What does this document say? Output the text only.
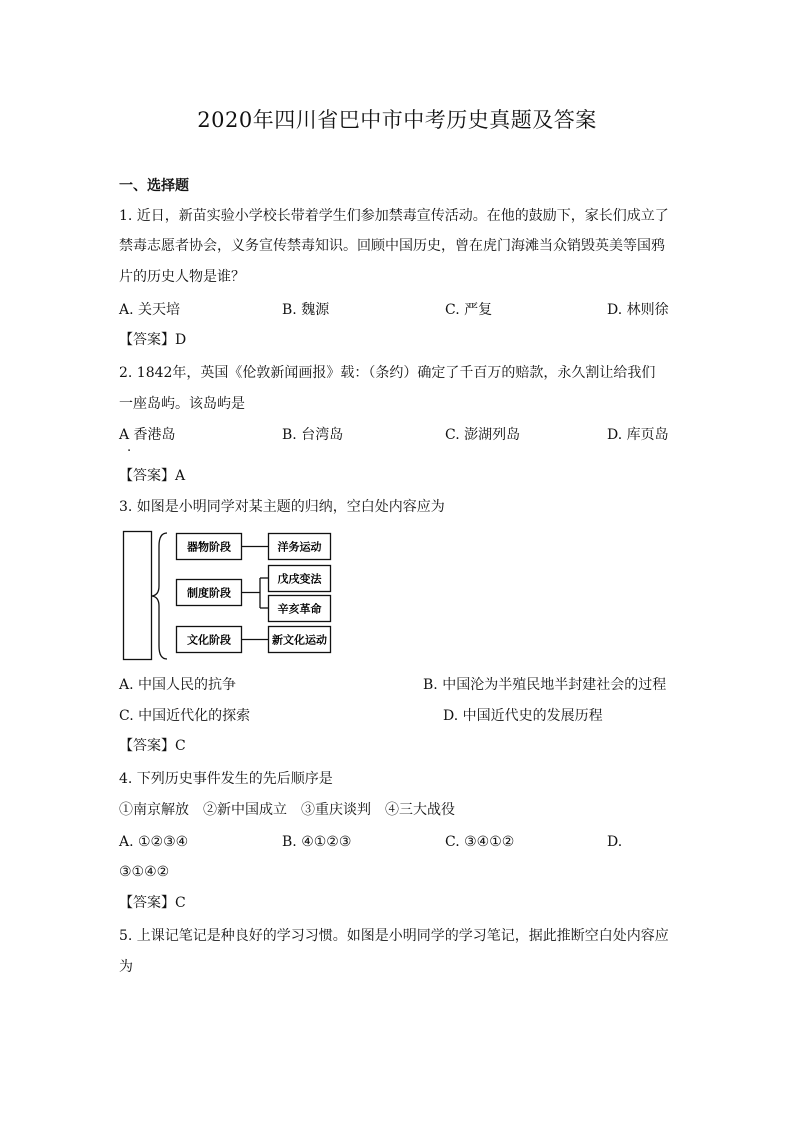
2020年四川省巴中市中考历史真题及答案
一、选择题
1. 近日，新苗实验小学校长带着学生们参加禁毒宣传活动。在他的鼓励下，家长们成立了
禁毒志愿者协会，义务宣传禁毒知识。回顾中国历史，曾在虎门海滩当众销毁英美等国鸦
片的历史人物是谁？
A. 关天培	B. 魏源	C. 严复	D. 林则徐
【答案】D
2. 1842年，英国《伦敦新闻画报》载：（条约）确定了千百万的赔款，永久割让给我们
一座岛屿。该岛屿是
A 香港岛
.
B. 台湾岛	C. 澎湖列岛	D. 库页岛
【答案】A
3. 如图是小明同学对某主题的归纳，空白处内容应为
器物阶段
制度阶段
文化阶段
洋务运动
戊戌变法
辛亥革命
新文化运动
A. 中国人民的抗争	B. 中国沦为半殖民地半封建社会的过程
C. 中国近代化的探索	D. 中国近代史的发展历程
【答案】C
4. 下列历史事件发生的先后顺序是
①南京解放　②新中国成立　③重庆谈判　④三大战役
A. ①②③④	B. ④①②③	C. ③④①②	D.
③①④②
【答案】C
5. 上课记笔记是种良好的学习习惯。如图是小明同学的学习笔记，据此推断空白处内容应
为
